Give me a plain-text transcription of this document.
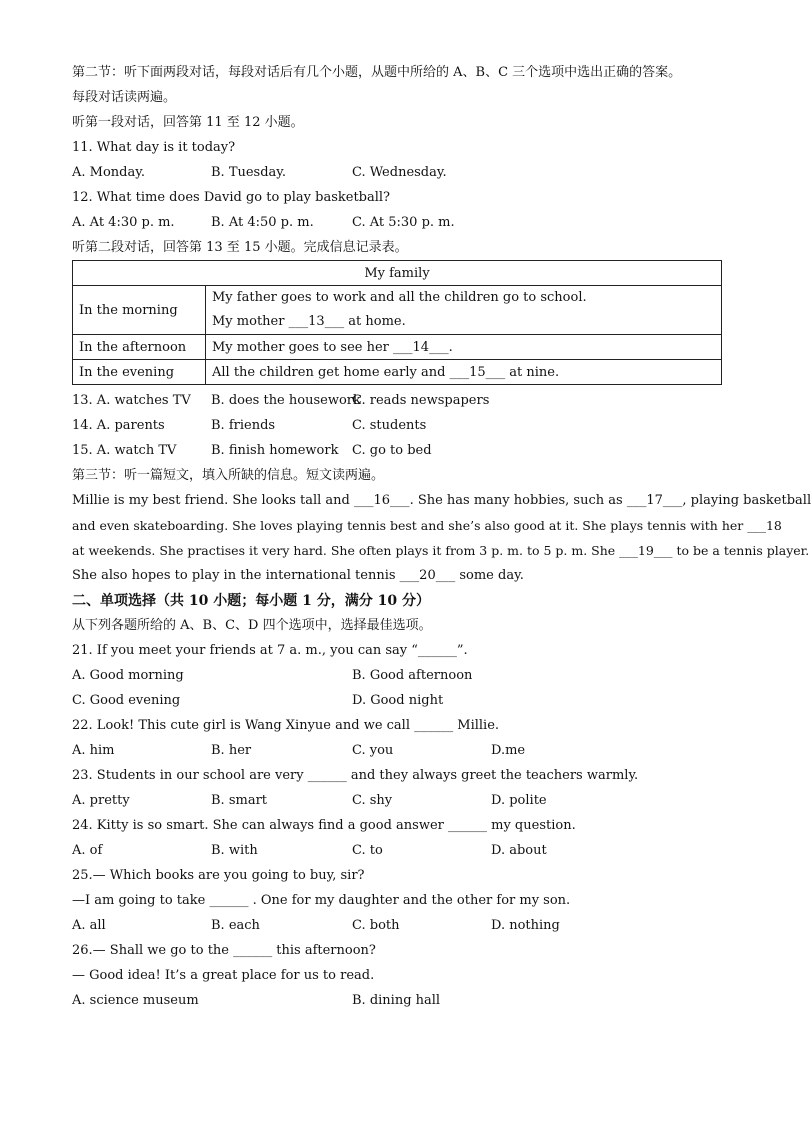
第二节：听下面两段对话，每段对话后有几个小题，从题中所给的 A、B、C 三个选项中选出正确的答案。
每段对话读两遍。
听第一段对话，回答第 11 至 12 小题。
11. What day is it today?
A. Monday.	B. Tuesday.	C. Wednesday.
12. What time does David go to play basketball?
A. At 4:30 p. m.	B. At 4:50 p. m.	C. At 5:30 p. m.
听第二段对话，回答第 13 至 15 小题。完成信息记录表。
My family	
In the morning	My father goes to work and all the children go to school.
My mother ___13___ at home.

In the afternoon	My mother goes to see her ___14___.
In the evening	All the children get home early and ___15___ at nine.
13. A. watches TV B. does the housework
C. reads newspapers
14. A. parents	B. friends	C. students
15. A. watch TV	B. finish homework C. go to bed
第三节：听一篇短文，填入所缺的信息。短文读两遍。
Millie is my best friend. She looks tall and ___16___. She has many hobbies, such as ___17___, playing basketball
and even skateboarding. She loves playing tennis best and she’s also good at it. She plays tennis with her ___18
at weekends. She practises it very hard. She often plays it from 3 p. m. to 5 p. m. She ___19___ to be a tennis player.
She also hopes to play in the international tennis ___20___ some day.
二、单项选择（共 10 小题；每小题 1 分，满分 10 分）
从下列各题所给的 A、B、C、D 四个选项中，选择最佳选项。
21. If you meet your friends at 7 a. m., you can say “______”.
A. Good morning	B. Good afternoon
C. Good evening	D. Good night
22. Look! This cute girl is Wang Xinyue and we call ______ Millie.
A. him	B. her	C. you	D.me
23. Students in our school are very ______ and they always greet the teachers warmly.
A. pretty	B. smart	C. shy	D. polite
24. Kitty is so smart. She can always find a good answer ______ my question.
A. of	B. with	C. to	D. about
25.— Which books are you going to buy, sir?
—I am going to take ______ . One for my daughter and the other for my son.
A. all	B. each	C. both	D. nothing
26.— Shall we go to the ______ this afternoon?
— Good idea! It’s a great place for us to read.
A. science museum	B. dining hall
